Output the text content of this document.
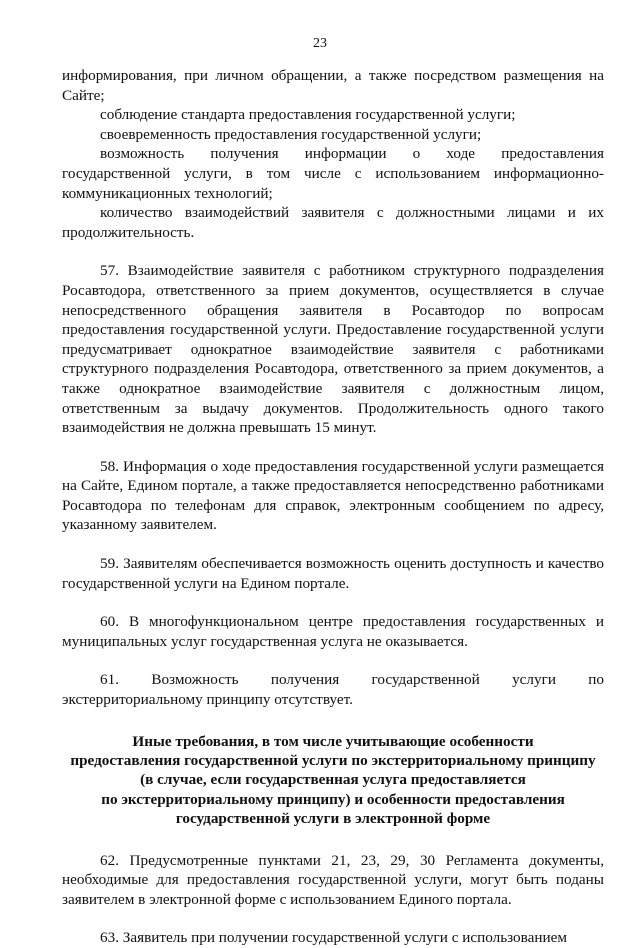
23

информирования, при личном обращении, а также посредством размещения на Сайте;

соблюдение стандарта предоставления государственной услуги;

своевременность предоставления государственной услуги;

возможность получения информации о ходе предоставления государственной услуги, в том числе с использованием информационно-коммуникационных технологий;

количество взаимодействий заявителя с должностными лицами и их продолжительность.

57. Взаимодействие заявителя с работником структурного подразделения Росавтодора, ответственного за прием документов, осуществляется в случае непосредственного обращения заявителя в Росавтодор по вопросам предоставления государственной услуги. Предоставление государственной услуги предусматривает однократное взаимодействие заявителя с работниками структурного подразделения Росавтодора, ответственного за прием документов, а также однократное взаимодействие заявителя с должностным лицом, ответственным за выдачу документов. Продолжительность одного такого взаимодействия не должна превышать 15 минут.

58. Информация о ходе предоставления государственной услуги размещается на Сайте, Едином портале, а также предоставляется непосредственно работниками Росавтодора по телефонам для справок, электронным сообщением по адресу, указанному заявителем.

59. Заявителям обеспечивается возможность оценить доступность и качество государственной услуги на Едином портале.

60. В многофункциональном центре предоставления государственных и муниципальных услуг государственная услуга не оказывается.

61. Возможность получения государственной услуги по экстерриториальному принципу отсутствует.

Иные требования, в том числе учитывающие особенности
предоставления государственной услуги по экстерриториальному принципу
(в случае, если государственная услуга предоставляется
по экстерриториальному принципу) и особенности предоставления
государственной услуги в электронной форме

62. Предусмотренные пунктами 21, 23, 29, 30 Регламента документы, необходимые для предоставления государственной услуги, могут быть поданы заявителем в электронной форме с использованием Единого портала.

63. Заявитель при получении государственной услуги с использованием
